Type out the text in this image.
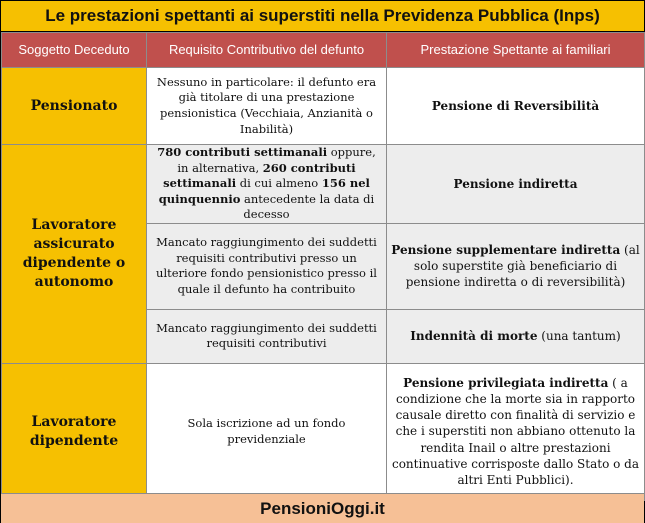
Le prestazioni spettanti ai superstiti nella Previdenza Pubblica (Inps)
Soggetto Deceduto	Requisito Contributivo del defunto	Prestazione Spettante ai familiari
Pensionato	Nessuno in particolare: il defunto era già titolare di una prestazione pensionistica (Vecchiaia, Anzianità o Inabilità)	Pensione di Reversibilità
Lavoratore assicurato dipendente o autonomo	780 contributi settimanali oppure, in alternativa, 260 contributi settimanali di cui almeno 156 nel quinquennio antecedente la data di decesso	Pensione indiretta
	Mancato raggiungimento dei suddetti requisiti contributivi presso un ulteriore fondo pensionistico presso il quale il defunto ha contribuito	Pensione supplementare indiretta (al solo superstite già beneficiario di pensione indiretta o di reversibilità)
	Mancato raggiungimento dei suddetti requisiti contributivi	Indennità di morte (una tantum)
Lavoratore dipendente	Sola iscrizione ad un fondo previdenziale	Pensione privilegiata indiretta ( a condizione che la morte sia in rapporto causale diretto con finalità di servizio e che i superstiti non abbiano ottenuto la rendita Inail o altre prestazioni continuative corrisposte dallo Stato o da altri Enti Pubblici).
PensioniOggi.it
